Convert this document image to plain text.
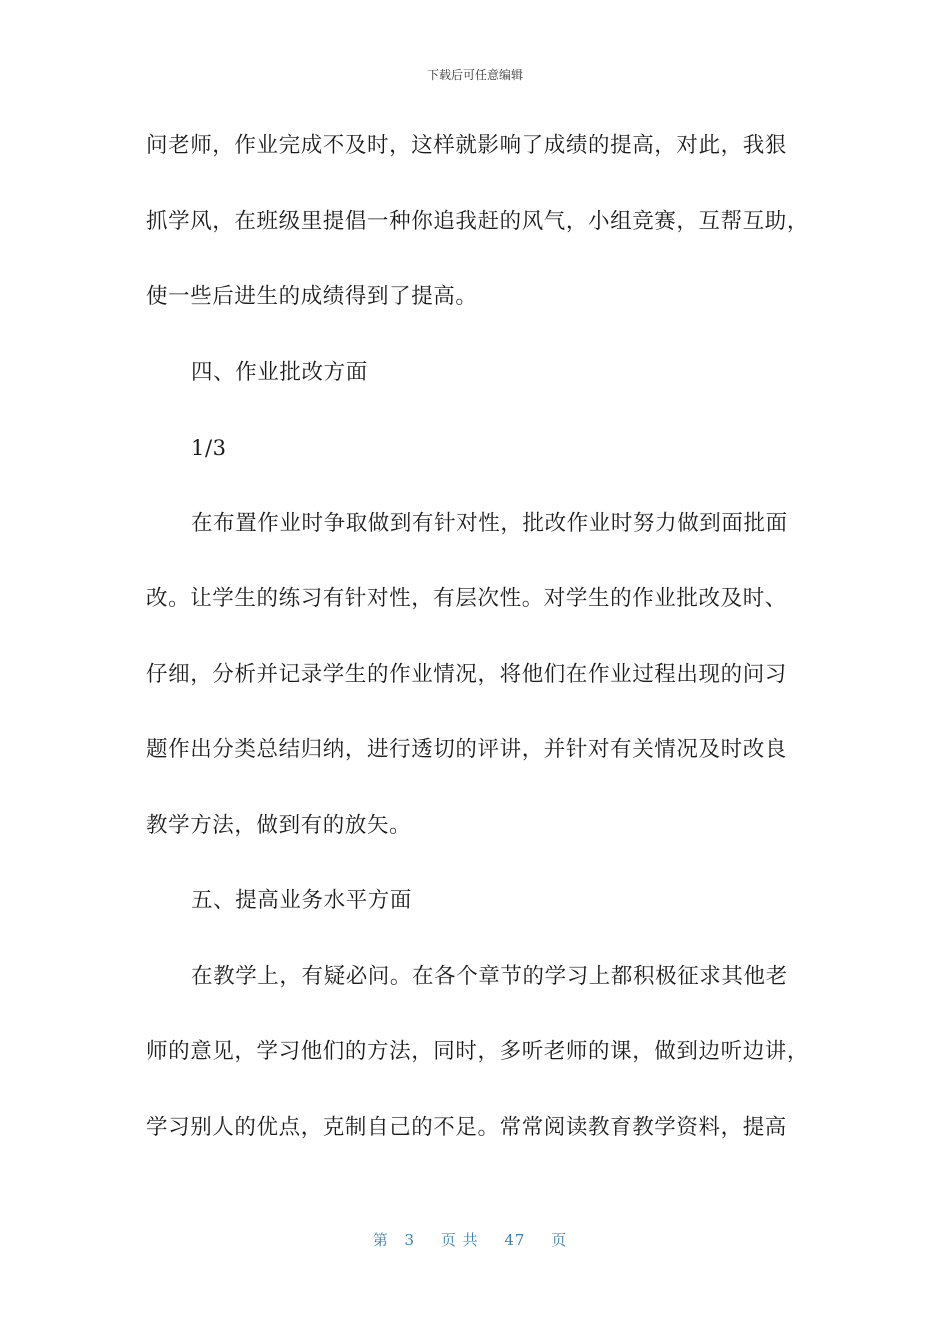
下载后可任意编辑
问老师，作业完成不及时，这样就影响了成绩的提高，对此，我狠
抓学风，在班级里提倡一种你追我赶的风气，小组竞赛，互帮互助，
使一些后进生的成绩得到了提高。
四、作业批改方面
1/3
在布置作业时争取做到有针对性，批改作业时努力做到面批面
改。让学生的练习有针对性，有层次性。对学生的作业批改及时、
仔细，分析并记录学生的作业情况，将他们在作业过程出现的问习
题作出分类总结归纳，进行透切的评讲，并针对有关情况及时改良
教学方法，做到有的放矢。
五、提高业务水平方面
在教学上，有疑必问。在各个章节的学习上都积极征求其他老
师的意见，学习他们的方法，同时，多听老师的课，做到边听边讲，
学习别人的优点，克制自己的不足。常常阅读教育教学资料，提高
第 3 页 共 47 页
